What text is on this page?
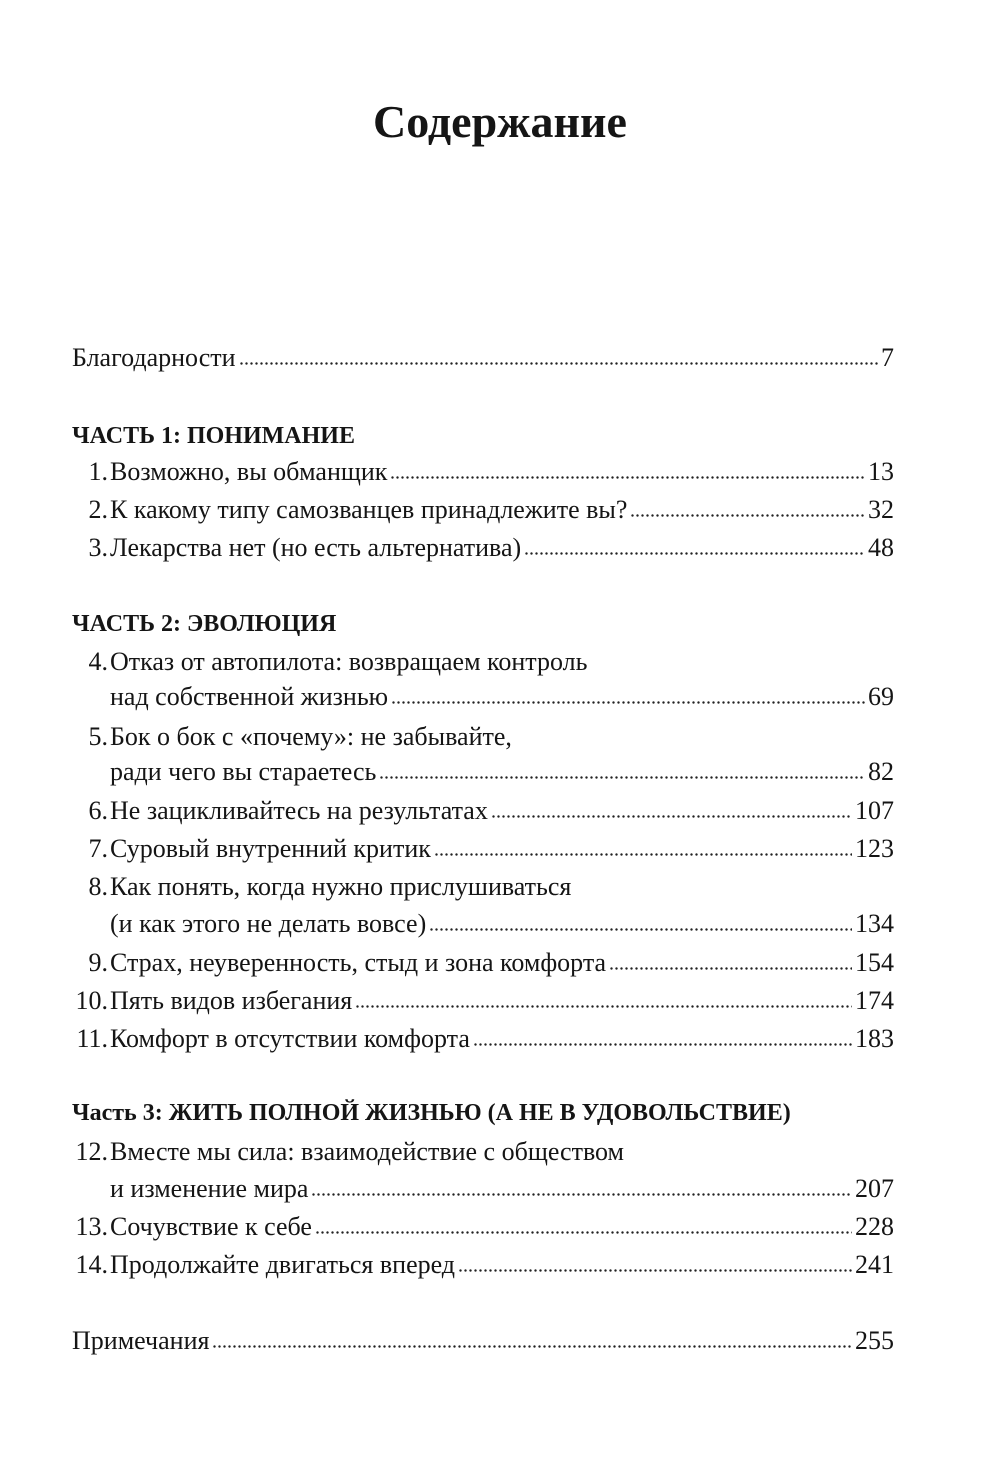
Содержание
Благодарности	7
ЧАСТЬ 1: ПОНИМАНИЕ
1. Возможно, вы обманщик	13
2. К какому типу самозванцев принадлежите вы?	32
3. Лекарства нет (но есть альтернатива)	48
ЧАСТЬ 2: ЭВОЛЮЦИЯ
4. Отказ от автопилота: возвращаем контроль
над собственной жизнью	69
5. Бок о бок с «почему»: не забывайте,
ради чего вы стараетесь	82
6. Не зацикливайтесь на результатах	107
7. Суровый внутренний критик	123
8. Как понять, когда нужно прислушиваться
(и как этого не делать вовсе)	134
9. Страх, неуверенность, стыд и зона комфорта	154
10. Пять видов избегания	174
11. Комфорт в отсутствии комфорта	183
Часть 3: ЖИТЬ ПОЛНОЙ ЖИЗНЬЮ (А НЕ В УДОВОЛЬСТВИЕ)
12. Вместе мы сила: взаимодействие с обществом
и изменение мира	207
13. Сочувствие к себе	228
14. Продолжайте двигаться вперед	241
Примечания	255
